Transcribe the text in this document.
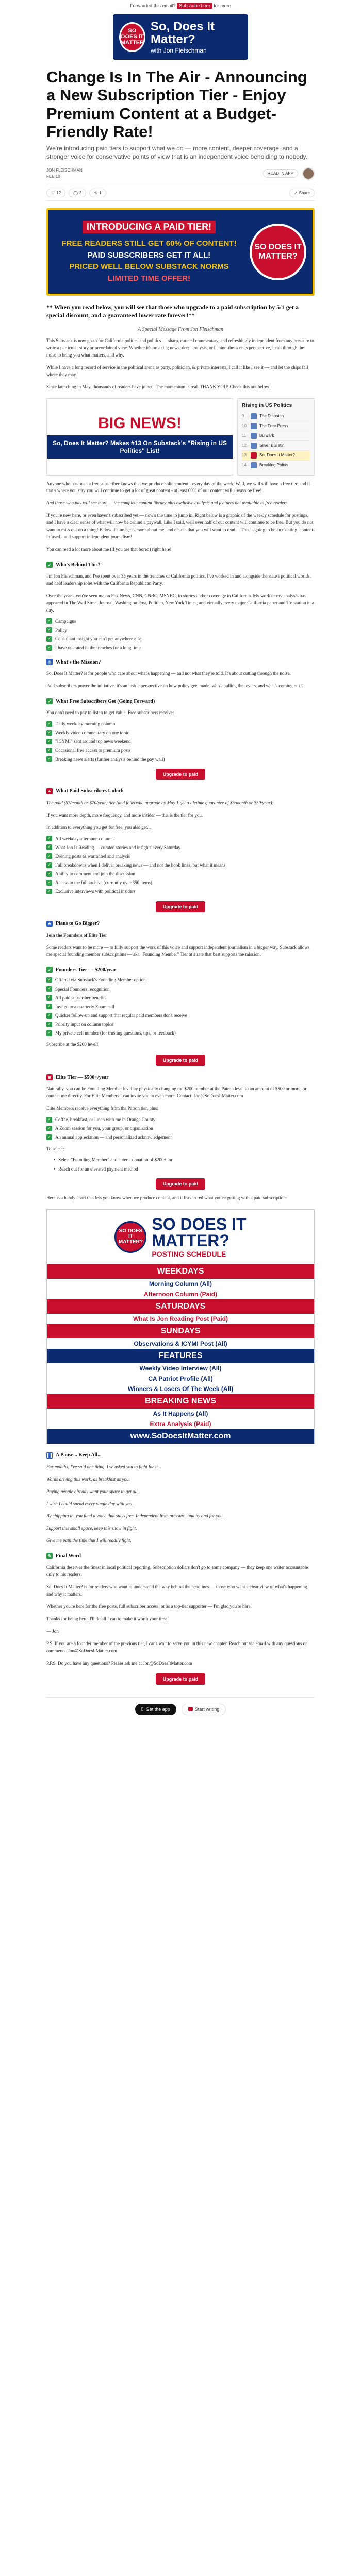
Forwarded this email? Subscribe here for more
SO DOES IT MATTER
So, Does It Matter?
with Jon Fleischman
Change Is In The Air - Announcing a New Subscription Tier - Enjoy Premium Content at a Budget-Friendly Rate!
We're introducing paid tiers to support what we do — more content, deeper coverage, and a stronger voice for conservative points of view that is an independent voice beholding to nobody.
JON FLEISCHMAN
FEB 10
READ IN APP
♡ 12	◯ 3	⟲ 1	↗ Share
INTRODUCING A PAID TIER!
FREE READERS STILL GET 60% OF CONTENT!
PAID SUBSCRIBERS GET IT ALL!
PRICED WELL BELOW SUBSTACK NORMS
LIMITED TIME OFFER!
SO DOES IT MATTER?
** When you read below, you will see that those who upgrade to a paid subscription by 5/1 get a special discount, and a guaranteed lower rate forever!**
A Special Message From Jon Fleischman

This Substack is now go-to for California politics and politics — sharp, curated commentary, and refreshingly independent from any pressure to write a particular story or preordained view. Whether it's breaking news, deep analysis, or behind-the-scenes perspective, I call through the noise to bring you what matters, and why.

While I have a long record of service in the political arena as party, politician, & private interests, I call it like I see it — and let the chips fall where they may.

Since launching in May, thousands of readers have joined. The momentum is real. THANK YOU! Check this out below!

BIG NEWS!
So, Does It Matter? Makes #13 On Substack's "Rising in US Politics" List!
Rising in US Politics
9	The Dispatch
10	The Free Press
11	Bulwark
12	Silver Bulletin
13	So, Does It Matter?
14	Breaking Points

Anyone who has been a free subscriber knows that we produce solid content - every day of the week. Well, we will still have a free tier, and if that's where you stay you will continue to get a lot of great content - at least 60% of our content will always be free!

And those who pay will see more — the complete content library plus exclusive analysis and features not available to free readers.

If you're new here, or even haven't subscribed yet — now's the time to jump in. Right below is a graphic of the weekly schedule for postings, and I have a clear sense of what will now be behind a paywall. Like I said, well over half of our content will continue to be free. But you do not want to miss out on a thing! Below the image is more about me, and details that you will want to read.... This is going to be an exciting, content-infused - and support independent journalism!

You can read a lot more about me (if you are that bored) right here!

✓ Who's Behind This?

I'm Jon Fleischman, and I've spent over 35 years in the trenches of California politics. I've worked in and alongside the state's political worlds, and held leadership roles with the California Republican Party.

Over the years, you've seen me on Fox News, CNN, CNBC, MSNBC, in stories and/or coverage in California. My work or my analysis has appeared in The Wall Street Journal, Washington Post, Politico, New York Times, and virtually every major California paper and TV station in a day.

✓ Campaigns
✓ Policy
✓ Consultant insight you can't get anywhere else
✓ I have operated in the trenches for a long time
◎ What's the Mission?

So, Does It Matter? is for people who care about what's happening — and not what they're told. It's about cutting through the noise.

Paid subscribers power the initiative. It's an inside perspective on how policy gets made, who's pulling the levers, and what's coming next.

✓ What Free Subscribers Get (Going Forward)

You don't need to pay to listen to get value. Free subscribers receive:

✓ Daily weekday morning column
✓ Weekly video commentary on one topic
✓ "ICYMI" sent around top news weekend
✓ Occasional free access to premium posts
✓ Breaking news alerts (further analysis behind the pay wall)
Upgrade to paid
▲ What Paid Subscribers Unlock

The paid ($7/month or $70/year) tier (and folks who upgrade by May 1 get a lifetime guarantee of $5/month or $50/year):

If you want more depth, more frequency, and more insider — this is the tier for you.

In addition to everything you get for free, you also get...

✓ All weekday afternoon columns
✓ What Jon Is Reading — curated stories and insights every Saturday
✓ Evening posts as warranted and analysis
✓ Full breakdowns when I deliver breaking news — and not the hook lines, but what it means
✓ Ability to comment and join the discussion
✓ Access to the full archive (currently over 350 items)
✓ Exclusive interviews with political insiders
Upgrade to paid
★ Plans to Go Bigger?

Join the Founders of Elite Tier

Some readers want to be more — to fully support the work of this voice and support independent journalism in a bigger way. Substack allows me special founding member subscriptions — aka "Founding Member" Tier at a rate that best supports the mission.

✓ Founders Tier — $200/year
✓ Offered via Substack's Founding Member option
✓ Special Founders recognition
✓ All paid subscriber benefits
✓ Invited to a quarterly Zoom call
✓ Quicker follow-up and support that regular paid members don't receive
✓ Priority input on column topics
✓ My private cell number (for trusting questions, tips, or feedback)

Subscribe at the $200 level!

Upgrade to paid
♛ Elite Tier — $500+/year

Naturally, you can be Founding Member level by physically changing the $200 number at the Patron level to an amount of $500 or more, or contact me directly. For Elite Members I can invite you to even more. Contact: Jon@SoDoesItMatter.com

Elite Members receive everything from the Patron tier, plus:

✓ Coffee, breakfast, or lunch with me in Orange County
✓ A Zoom session for you, your group, or organization
✓ An annual appreciation — and personalized acknowledgement

To select:

• Select "Founding Member" and enter a donation of $200+, or
• Reach out for an elevated payment method
Upgrade to paid

Here is a handy chart that lets you know when we produce content, and it lists in red what you're getting with a paid subscription:

SO DOES IT MATTER?
SO DOES IT
MATTER?
POSTING SCHEDULE
WEEKDAYS
Morning Column (All)
Afternoon Column (Paid)
SATURDAYS
What Is Jon Reading Post (Paid)
SUNDAYS
Observations & ICYMI Post (All)
FEATURES
Weekly Video Interview (All)
CA Patriot Profile (All)
Winners & Losers Of The Week (All)
BREAKING NEWS
As It Happens (All)
Extra Analysis (Paid)
www.SoDoesItMatter.com
❚❚ A Pause... Keep All...

For months, I've said one thing, I've asked you to fight for it...

Words driving this work, as breakfast as you.

Paying people already want your space to get all.

I wish I could spend every single day with you.

By chipping in, you fund a voice that stays free. Independent from pressure, and by and for you.

Support this small space, keep this show in fight.

Give me path the time that I will readily fight.

✎ Final Word

California deserves the finest in local political reporting. Subscription dollars don't go to some company — they keep one writer accountable only to his readers.

So, Does It Matter? is for readers who want to understand the why behind the headlines — those who want a clear view of what's happening and why it matters.

Whether you're here for the free posts, full subscriber access, or as a top-tier supporter — I'm glad you're here.

Thanks for being here. I'll do all I can to make it worth your time!

— Jon

P.S. If you are a founder member of the previous tier, I can't wait to serve you in this new chapter. Reach out via email with any questions or comments. Jon@SoDoesItMatter.com

P.P.S. Do you have any questions? Please ask me at Jon@SoDoesItMatter.com

Upgrade to paid
▯ Get the app	Start writing
